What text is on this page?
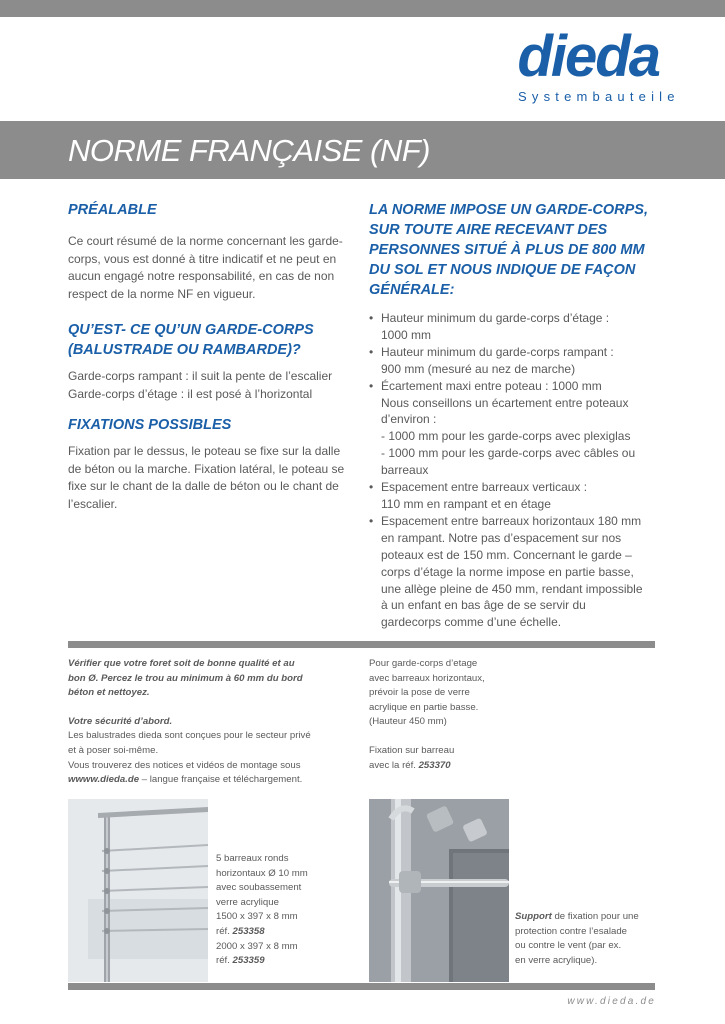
dieda
Systembauteile
NORME FRANÇAISE (NF)
PRÉALABLE

Ce court résumé de la norme concernant les garde-corps, vous est donné à titre indicatif et ne peut en aucun engagé notre responsabilité, en cas de non respect de la norme NF en vigueur.

QU’EST- CE QU’UN GARDE-CORPS
(BALUSTRADE OU RAMBARDE)?

Garde-corps rampant : il suit la pente de l’escalier
Garde-corps d’étage : il est posé à l’horizontal

FIXATIONS POSSIBLES

Fixation par le dessus, le poteau se fixe sur la dalle de béton ou la marche. Fixation latéral, le poteau se fixe sur le chant de la dalle de béton ou le chant de l’escalier.

LA NORME IMPOSE UN GARDE-CORPS, SUR TOUTE AIRE RECEVANT DES PERSONNES SITUÉ À PLUS DE 800 MM DU SOL ET NOUS INDIQUE DE FAÇON GÉNÉRALE:
• Hauteur minimum du garde-corps d’étage :
1000 mm
• Hauteur minimum du garde-corps rampant :
900 mm (mesuré au nez de marche)
• Écartement maxi entre poteau : 1000 mm
Nous conseillons un écartement entre poteaux
d’environ :
- 1000 mm pour les garde-corps avec plexiglas
- 1000 mm pour les garde-corps avec câbles ou
barreaux
• Espacement entre barreaux verticaux :
110 mm en rampant et en étage
• Espacement entre barreaux horizontaux 180 mm
en rampant. Notre pas d’espacement sur nos
poteaux est de 150 mm. Concernant le garde –
corps d’étage la norme impose en partie basse,
une allège pleine de 450 mm, rendant impossible
à un enfant en bas âge de se servir du
gardecorps comme d’une échelle.
Vérifier que votre foret soit de bonne qualité et au
bon Ø. Percez le trou au minimum à 60 mm du bord
béton et nettoyez.
Votre sécurité d’abord.
Les balustrades dieda sont conçues pour le secteur privé
et à poser soi-même.
Vous trouverez des notices et vidéos de montage sous
wwww.dieda.de – langue française et téléchargement.
Pour garde-corps d’etage
avec barreaux horizontaux,
prévoir la pose de verre
acrylique en partie basse.
(Hauteur 450 mm)
Fixation sur barreau
avec la réf. 253370
5 barreaux ronds
horizontaux Ø 10 mm
avec soubassement
verre acrylique
1500 x 397 x 8 mm
réf. 253358
2000 x 397 x 8 mm
réf. 253359
Support de fixation pour une
protection contre l’esalade
ou contre le vent (par ex.
en verre acrylique).
www.dieda.de
